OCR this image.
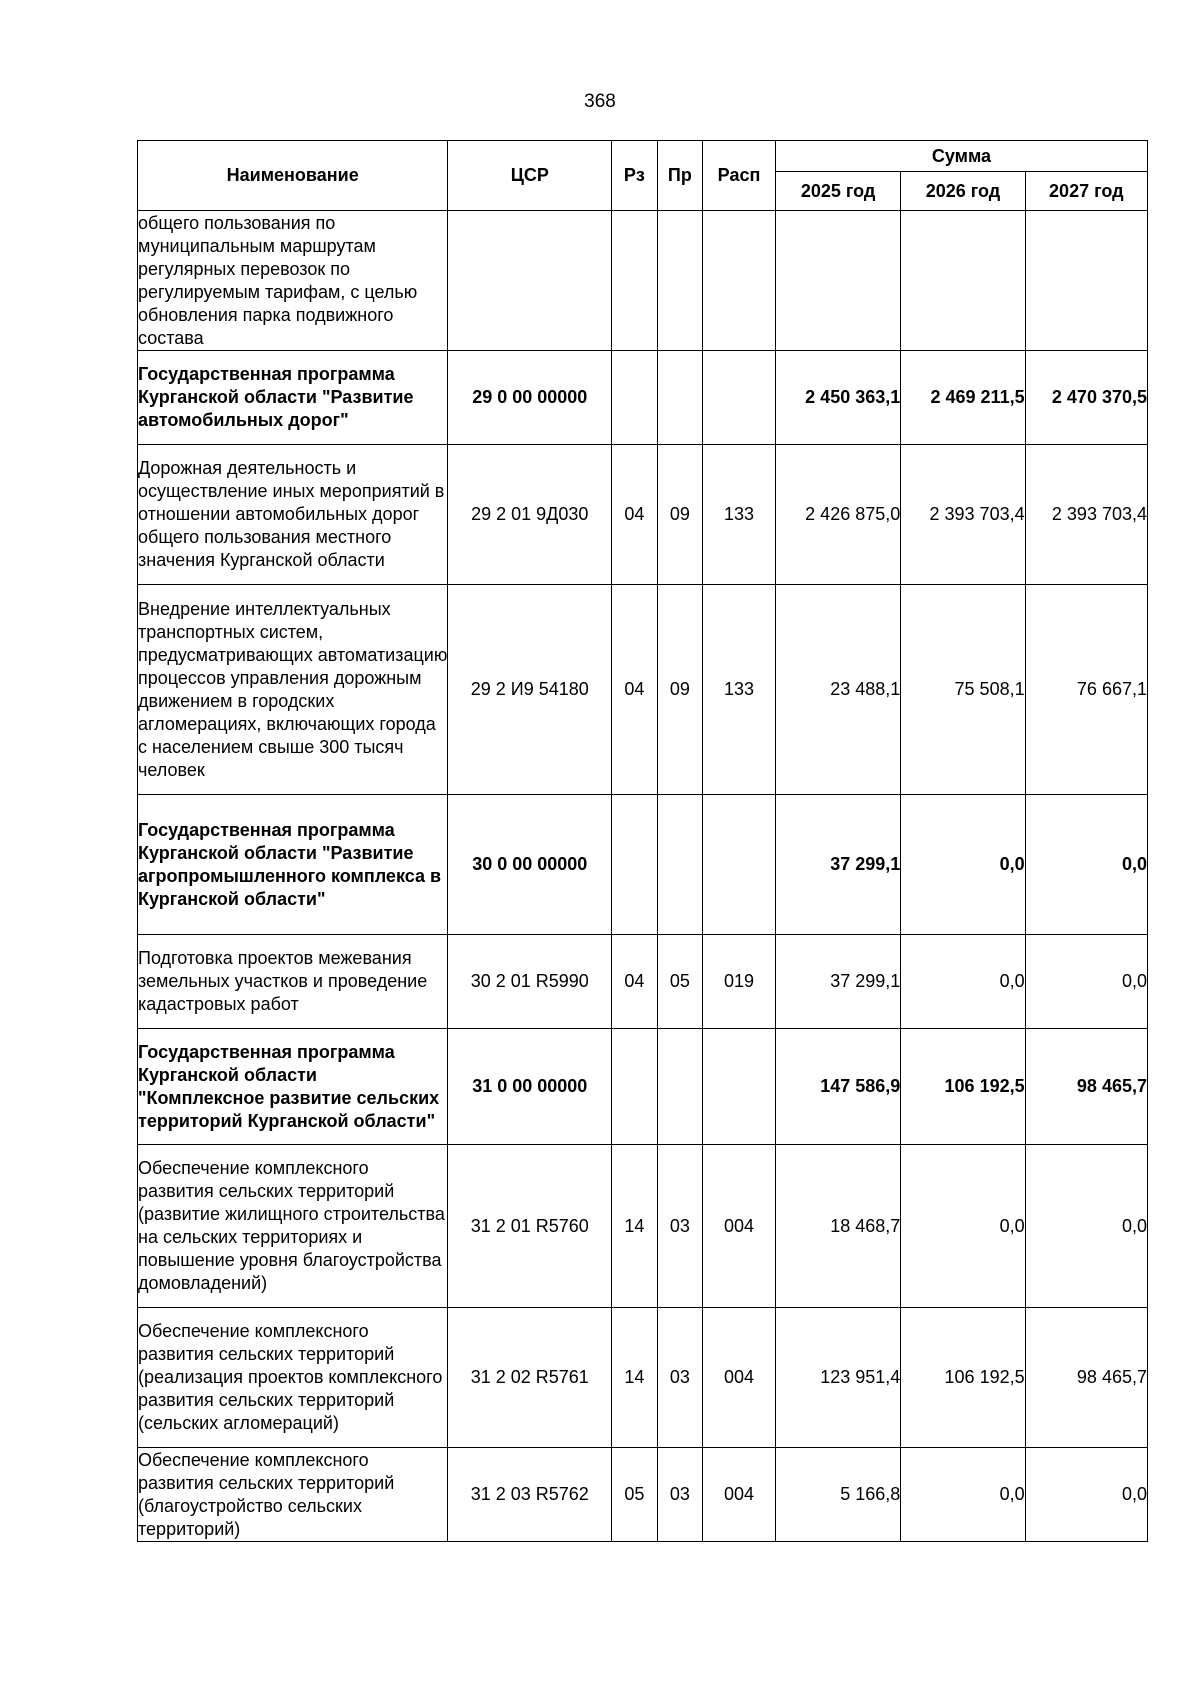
368
Наименование	ЦСР	Рз	Пр	Расп	Сумма		
					2025 год	2026 год	2027 год
общего пользования по муниципальным маршрутам регулярных перевозок по регулируемым тарифам, с целью обновления парка подвижного состава							
Государственная программа Курганской области "Развитие автомобильных дорог"	29 0 00 00000				2 450 363,1	2 469 211,5	2 470 370,5
Дорожная деятельность и осуществление иных мероприятий в отношении автомобильных дорог общего пользования местного значения Курганской области	29 2 01 9Д030	04	09	133	2 426 875,0	2 393 703,4	2 393 703,4
Внедрение интеллектуальных транспортных систем, предусматривающих автоматизацию процессов управления дорожным движением в городских агломерациях, включающих города с населением свыше 300 тысяч человек	29 2 И9 54180	04	09	133	23 488,1	75 508,1	76 667,1
Государственная программа Курганской области "Развитие агропромышленного комплекса в Курганской области"	30 0 00 00000				37 299,1	0,0	0,0
Подготовка проектов межевания земельных участков и проведение кадастровых работ	30 2 01 R5990	04	05	019	37 299,1	0,0	0,0
Государственная программа Курганской области "Комплексное развитие сельских территорий Курганской области"	31 0 00 00000				147 586,9	106 192,5	98 465,7
Обеспечение комплексного развития сельских территорий (развитие жилищного строительства на сельских территориях и повышение уровня благоустройства домовладений)	31 2 01 R5760	14	03	004	18 468,7	0,0	0,0
Обеспечение комплексного развития сельских территорий (реализация проектов комплексного развития сельских территорий (сельских агломераций)	31 2 02 R5761	14	03	004	123 951,4	106 192,5	98 465,7
Обеспечение комплексного развития сельских территорий (благоустройство сельских территорий)	31 2 03 R5762	05	03	004	5 166,8	0,0	0,0
